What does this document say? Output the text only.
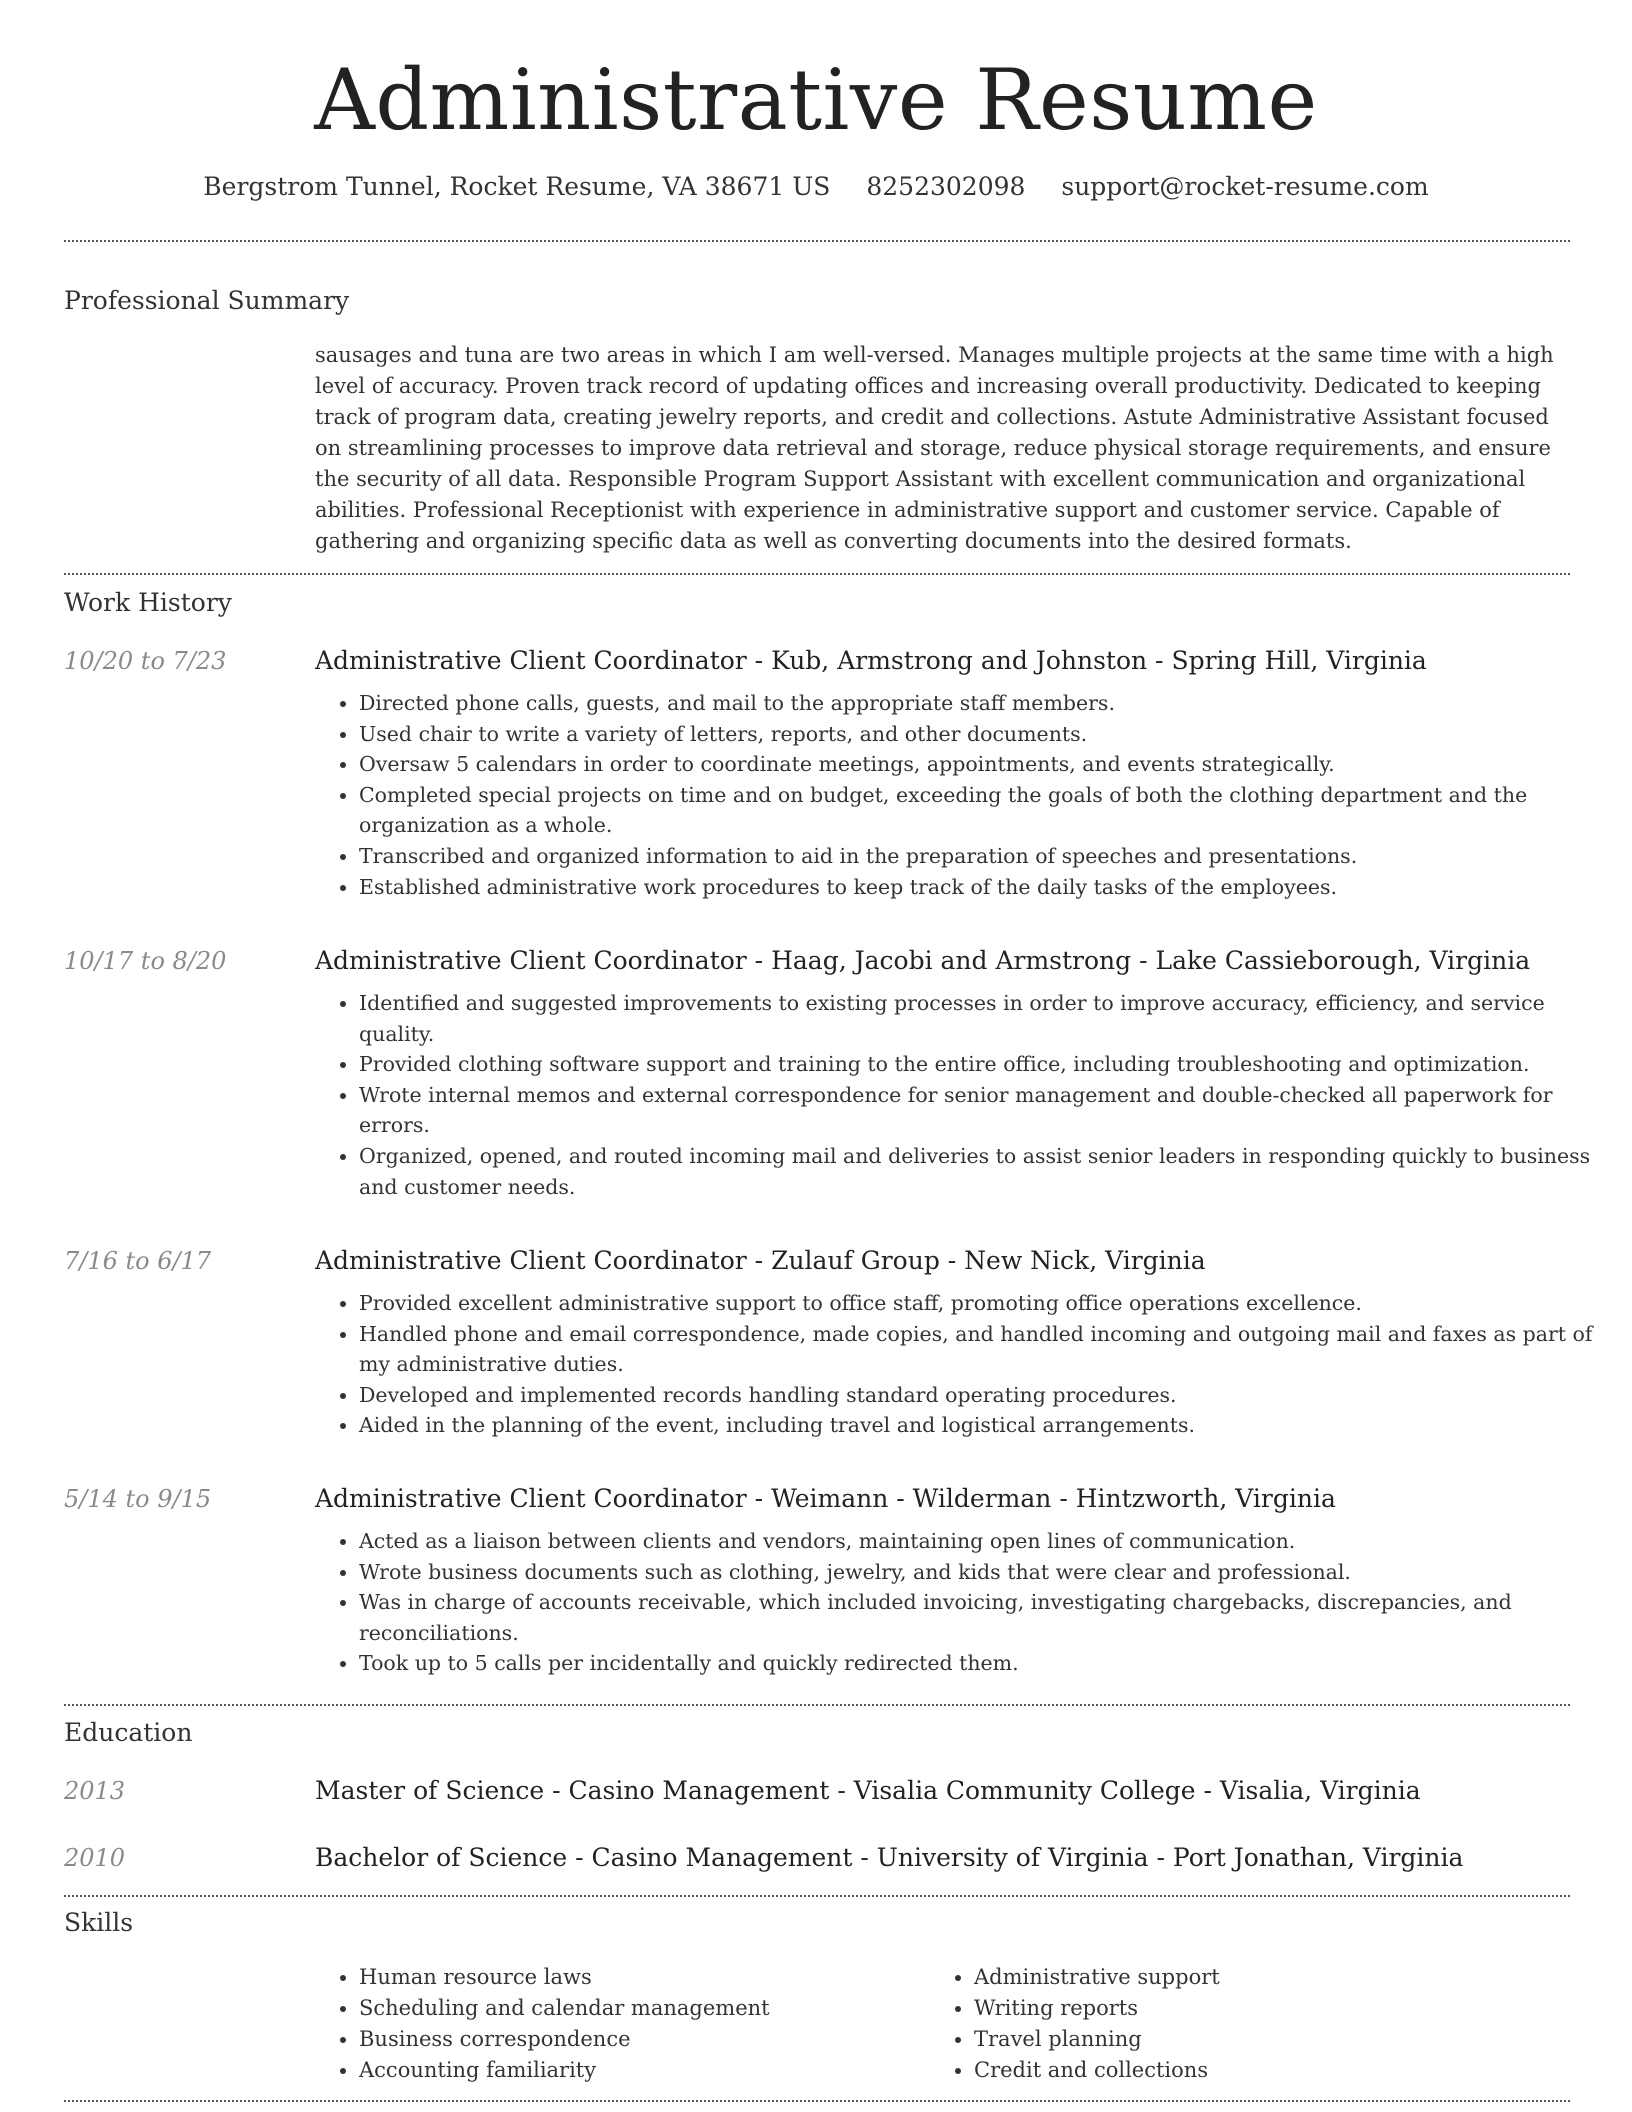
Administrative Resume
Bergstrom Tunnel, Rocket Resume, VA 38671 US 8252302098 support@rocket-resume.com
Professional Summary
sausages and tuna are two areas in which I am well-versed. Manages multiple projects at the same time with a high level of accuracy. Proven track record of updating offices and increasing overall productivity. Dedicated to keeping track of program data, creating jewelry reports, and credit and collections. Astute Administrative Assistant focused on streamlining processes to improve data retrieval and storage, reduce physical storage requirements, and ensure the security of all data. Responsible Program Support Assistant with excellent communication and organizational abilities. Professional Receptionist with experience in administrative support and customer service. Capable of gathering and organizing specific data as well as converting documents into the desired formats.
Work History
10/20 to 7/23	Administrative Client Coordinator - Kub, Armstrong and Johnston - Spring Hill, Virginia
• Directed phone calls, guests, and mail to the appropriate staff members.
• Used chair to write a variety of letters, reports, and other documents.
• Oversaw 5 calendars in order to coordinate meetings, appointments, and events strategically.
• Completed special projects on time and on budget, exceeding the goals of both the clothing department and the organization as a whole.
• Transcribed and organized information to aid in the preparation of speeches and presentations.
• Established administrative work procedures to keep track of the daily tasks of the employees.
10/17 to 8/20	Administrative Client Coordinator - Haag, Jacobi and Armstrong - Lake Cassieborough, Virginia
• Identified and suggested improvements to existing processes in order to improve accuracy, efficiency, and service quality.
• Provided clothing software support and training to the entire office, including troubleshooting and optimization.
• Wrote internal memos and external correspondence for senior management and double-checked all paperwork for errors.
• Organized, opened, and routed incoming mail and deliveries to assist senior leaders in responding quickly to business and customer needs.
7/16 to 6/17	Administrative Client Coordinator - Zulauf Group - New Nick, Virginia
• Provided excellent administrative support to office staff, promoting office operations excellence.
• Handled phone and email correspondence, made copies, and handled incoming and outgoing mail and faxes as part of my administrative duties.
• Developed and implemented records handling standard operating procedures.
• Aided in the planning of the event, including travel and logistical arrangements.
5/14 to 9/15	Administrative Client Coordinator - Weimann - Wilderman - Hintzworth, Virginia
• Acted as a liaison between clients and vendors, maintaining open lines of communication.
• Wrote business documents such as clothing, jewelry, and kids that were clear and professional.
• Was in charge of accounts receivable, which included invoicing, investigating chargebacks, discrepancies, and reconciliations.
• Took up to 5 calls per incidentally and quickly redirected them.
Education
2013	Master of Science - Casino Management - Visalia Community College - Visalia, Virginia
2010	Bachelor of Science - Casino Management - University of Virginia - Port Jonathan, Virginia
Skills
• Human resource laws
• Scheduling and calendar management
• Business correspondence
• Accounting familiarity
• Administrative support
• Writing reports
• Travel planning
• Credit and collections
